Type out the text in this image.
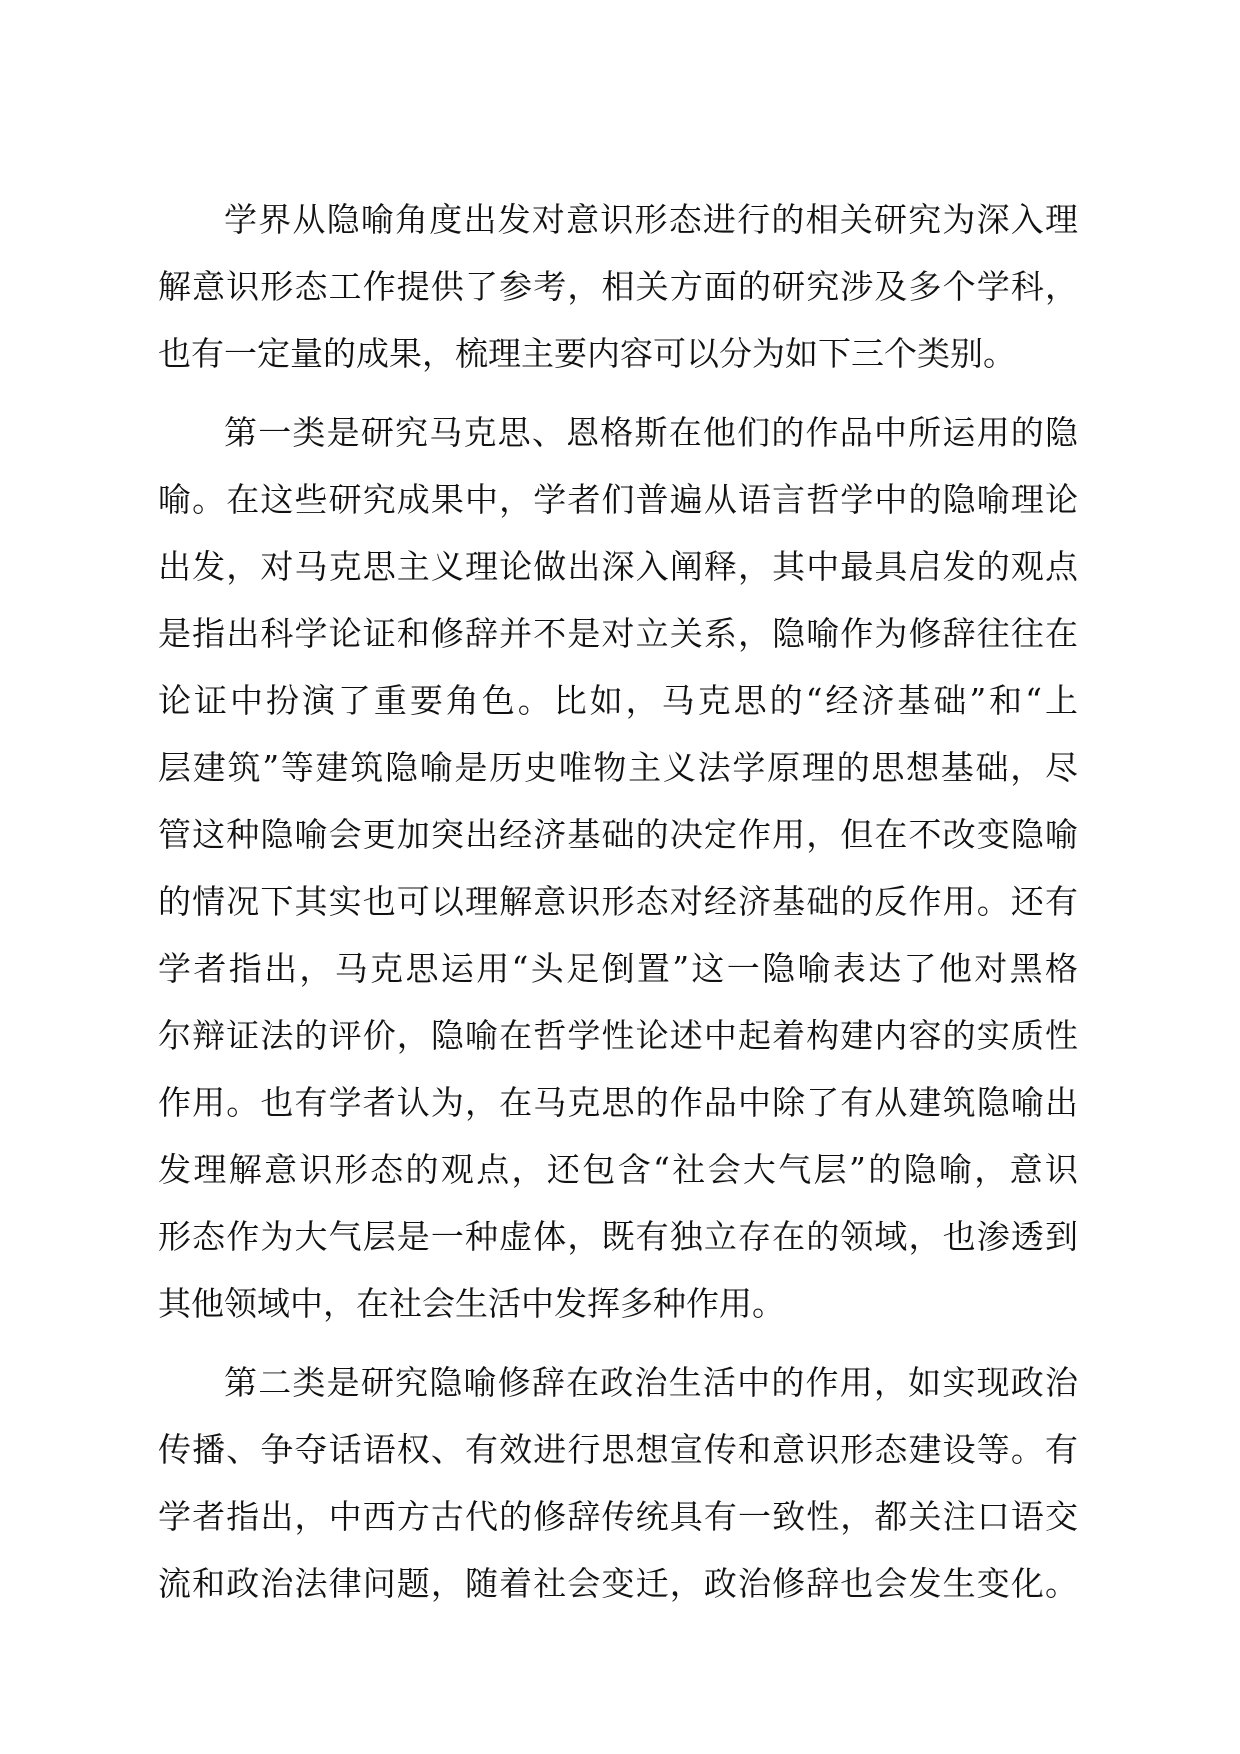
学界从隐喻角度出发对意识形态进行的相关研究为深入理
解意识形态工作提供了参考，相关方面的研究涉及多个学科，
也有一定量的成果，梳理主要内容可以分为如下三个类别。
第一类是研究马克思、恩格斯在他们的作品中所运用的隐
喻。在这些研究成果中，学者们普遍从语言哲学中的隐喻理论
出发，对马克思主义理论做出深入阐释，其中最具启发的观点
是指出科学论证和修辞并不是对立关系，隐喻作为修辞往往在
论证中扮演了重要角色。比如，马克思的“经济基础”和“上
层建筑”等建筑隐喻是历史唯物主义法学原理的思想基础，尽
管这种隐喻会更加突出经济基础的决定作用，但在不改变隐喻
的情况下其实也可以理解意识形态对经济基础的反作用。还有
学者指出，马克思运用“头足倒置”这一隐喻表达了他对黑格
尔辩证法的评价，隐喻在哲学性论述中起着构建内容的实质性
作用。也有学者认为，在马克思的作品中除了有从建筑隐喻出
发理解意识形态的观点，还包含“社会大气层”的隐喻，意识
形态作为大气层是一种虚体，既有独立存在的领域，也渗透到
其他领域中，在社会生活中发挥多种作用。
第二类是研究隐喻修辞在政治生活中的作用，如实现政治
传播、争夺话语权、有效进行思想宣传和意识形态建设等。有
学者指出，中西方古代的修辞传统具有一致性，都关注口语交
流和政治法律问题，随着社会变迁，政治修辞也会发生变化。
